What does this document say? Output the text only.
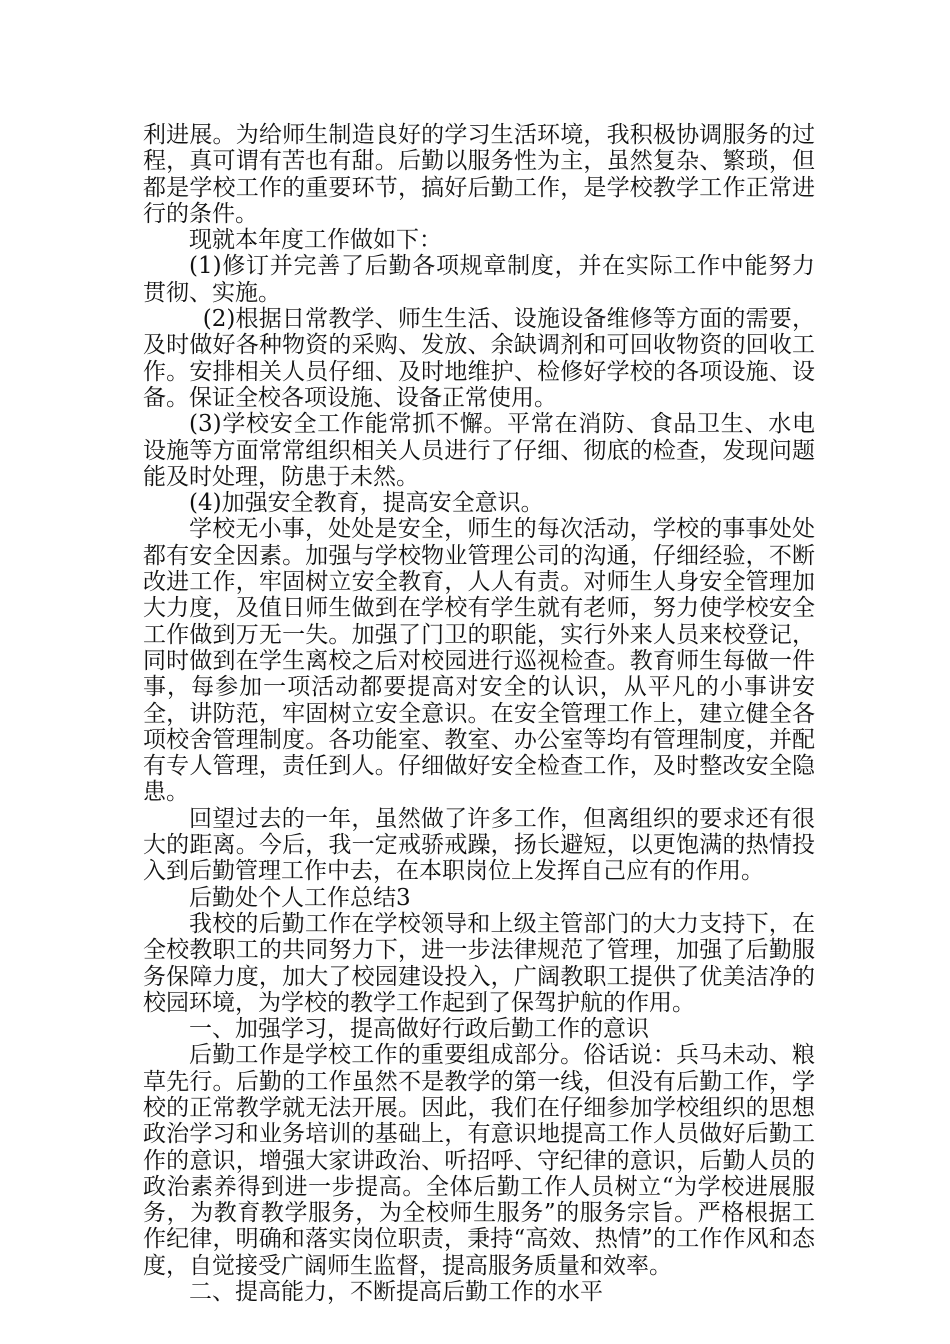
利进展。为给师生制造良好的学习生活环境，我积极协调服务的过程，真可谓有苦也有甜。后勤以服务性为主，虽然复杂、繁琐，但都是学校工作的重要环节，搞好后勤工作，是学校教学工作正常进行的条件。

现就本年度工作做如下：

(1)修订并完善了后勤各项规章制度，并在实际工作中能努力贯彻、实施。

(2)根据日常教学、师生生活、设施设备维修等方面的需要，及时做好各种物资的采购、发放、余缺调剂和可回收物资的回收工作。安排相关人员仔细、及时地维护、检修好学校的各项设施、设备。保证全校各项设施、设备正常使用。

(3)学校安全工作能常抓不懈。平常在消防、食品卫生、水电设施等方面常常组织相关人员进行了仔细、彻底的检查，发现问题能及时处理，防患于未然。

(4)加强安全教育，提高安全意识。

学校无小事，处处是安全，师生的每次活动，学校的事事处处都有安全因素。加强与学校物业管理公司的沟通，仔细经验，不断改进工作，牢固树立安全教育，人人有责。对师生人身安全管理加大力度，及值日师生做到在学校有学生就有老师，努力使学校安全工作做到万无一失。加强了门卫的职能，实行外来人员来校登记，同时做到在学生离校之后对校园进行巡视检查。教育师生每做一件事，每参加一项活动都要提高对安全的认识，从平凡的小事讲安全，讲防范，牢固树立安全意识。在安全管理工作上，建立健全各项校舍管理制度。各功能室、教室、办公室等均有管理制度，并配有专人管理，责任到人。仔细做好安全检查工作，及时整改安全隐患。

回望过去的一年，虽然做了许多工作，但离组织的要求还有很大的距离。今后，我一定戒骄戒躁，扬长避短，以更饱满的热情投入到后勤管理工作中去，在本职岗位上发挥自己应有的作用。

后勤处个人工作总结3

我校的后勤工作在学校领导和上级主管部门的大力支持下，在全校教职工的共同努力下，进一步法律规范了管理，加强了后勤服务保障力度，加大了校园建设投入，广阔教职工提供了优美洁净的校园环境，为学校的教学工作起到了保驾护航的作用。

一、加强学习，提高做好行政后勤工作的意识

后勤工作是学校工作的重要组成部分。俗话说：兵马未动、粮草先行。后勤的工作虽然不是教学的第一线，但没有后勤工作，学校的正常教学就无法开展。因此，我们在仔细参加学校组织的思想政治学习和业务培训的基础上，有意识地提高工作人员做好后勤工作的意识，增强大家讲政治、听招呼、守纪律的意识，后勤人员的政治素养得到进一步提高。全体后勤工作人员树立“为学校进展服务，为教育教学服务，为全校师生服务”的服务宗旨。严格根据工作纪律，明确和落实岗位职责，秉持“高效、热情”的工作作风和态度，自觉接受广阔师生监督，提高服务质量和效率。

二、提高能力，不断提高后勤工作的水平
